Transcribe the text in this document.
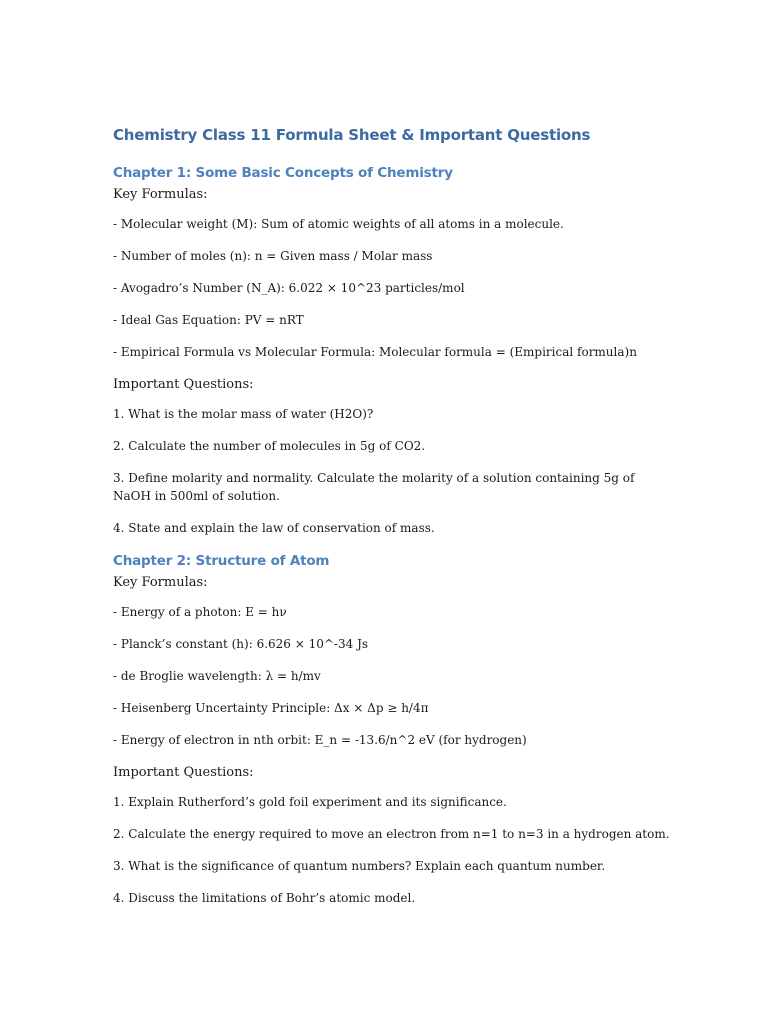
Chemistry Class 11 Formula Sheet & Important Questions
Chapter 1: Some Basic Concepts of Chemistry
Key Formulas:
- Molecular weight (M): Sum of atomic weights of all atoms in a molecule.
- Number of moles (n): n = Given mass / Molar mass
- Avogadro’s Number (N_A): 6.022 × 10^23 particles/mol
- Ideal Gas Equation: PV = nRT
- Empirical Formula vs Molecular Formula: Molecular formula = (Empirical formula)n
Important Questions:
1. What is the molar mass of water (H2O)?
2. Calculate the number of molecules in 5g of CO2.
3. Define molarity and normality. Calculate the molarity of a solution containing 5g of NaOH in 500ml of solution.
4. State and explain the law of conservation of mass.
Chapter 2: Structure of Atom
Key Formulas:
- Energy of a photon: E = hν
- Planck’s constant (h): 6.626 × 10^-34 Js
- de Broglie wavelength: λ = h/mv
- Heisenberg Uncertainty Principle: Δx × Δp ≥ h/4π
- Energy of electron in nth orbit: E_n = -13.6/n^2 eV (for hydrogen)
Important Questions:
1. Explain Rutherford’s gold foil experiment and its significance.
2. Calculate the energy required to move an electron from n=1 to n=3 in a hydrogen atom.
3. What is the significance of quantum numbers? Explain each quantum number.
4. Discuss the limitations of Bohr’s atomic model.
